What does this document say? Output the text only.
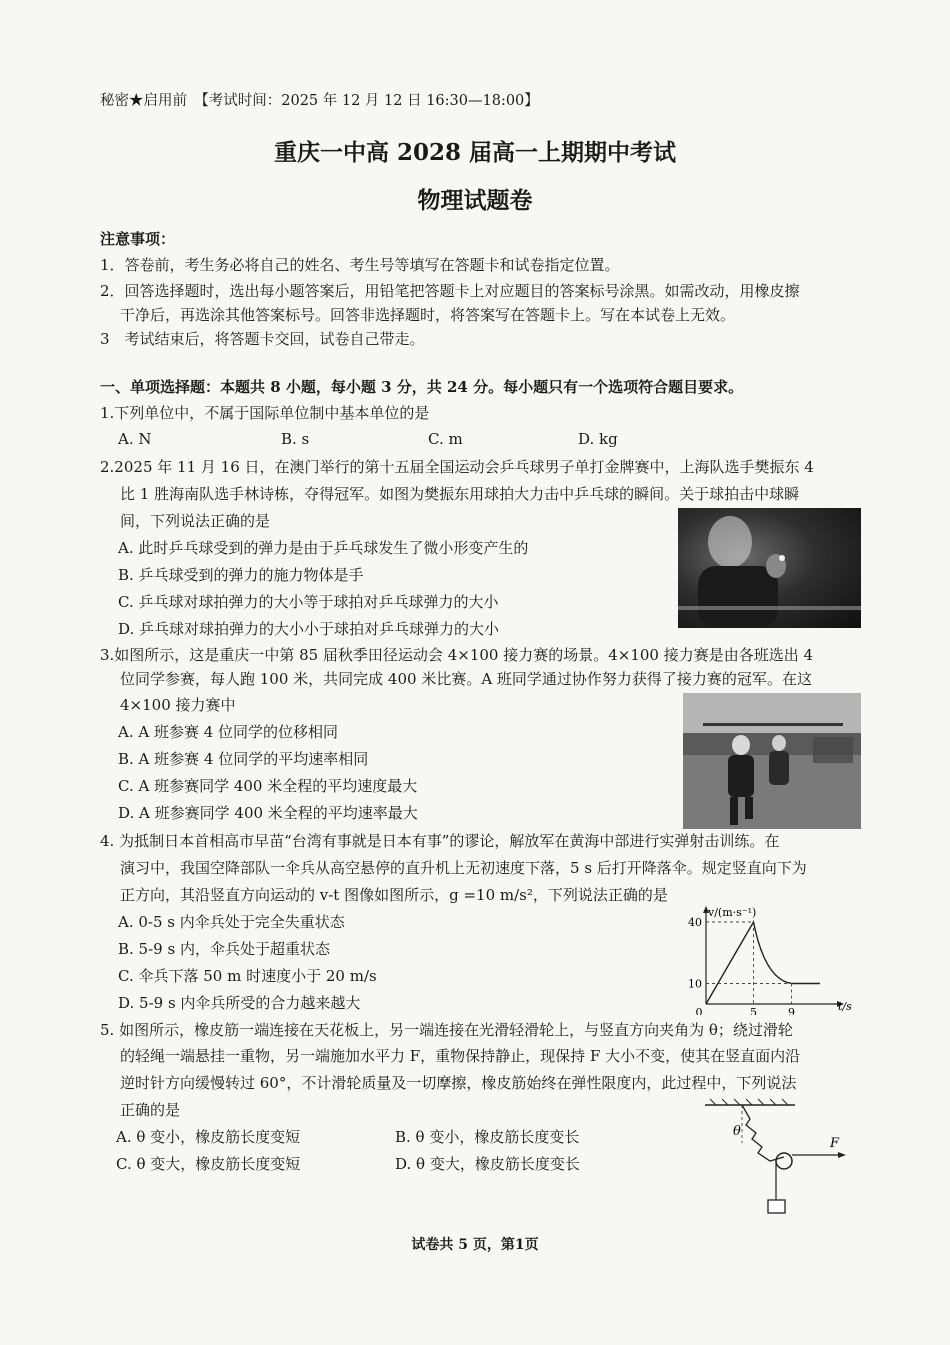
秘密★启用前　【考试时间：2025 年 12 月 12 日 16:30—18:00】
重庆一中高 2028 届高一上期期中考试
物理试题卷
注意事项：
1．答卷前，考生务必将自己的姓名、考生号等填写在答题卡和试卷指定位置。
2．回答选择题时，选出每小题答案后，用铅笔把答题卡上对应题目的答案标号涂黑。如需改动，用橡皮擦
干净后，再选涂其他答案标号。回答非选择题时，将答案写在答题卡上。写在本试卷上无效。
3　考试结束后，将答题卡交回，试卷自己带走。
一、单项选择题：本题共 8 小题，每小题 3 分，共 24 分。每小题只有一个选项符合题目要求。
1.下列单位中，不属于国际单位制中基本单位的是
A. N	B. s	C. m	D. kg
2.2025 年 11 月 16 日，在澳门举行的第十五届全国运动会乒乓球男子单打金牌赛中，上海队选手樊振东 4
比 1 胜海南队选手林诗栋，夺得冠军。如图为樊振东用球拍大力击中乒乓球的瞬间。关于球拍击中球瞬
间，下列说法正确的是
A. 此时乒乓球受到的弹力是由于乒乓球发生了微小形变产生的
B. 乒乓球受到的弹力的施力物体是手
C. 乒乓球对球拍弹力的大小等于球拍对乒乓球弹力的大小
D. 乒乓球对球拍弹力的大小小于球拍对乒乓球弹力的大小
3.如图所示，这是重庆一中第 85 届秋季田径运动会 4×100 接力赛的场景。4×100 接力赛是由各班选出 4
位同学参赛，每人跑 100 米，共同完成 400 米比赛。A 班同学通过协作努力获得了接力赛的冠军。在这
4×100 接力赛中
A. A 班参赛 4 位同学的位移相同
B. A 班参赛 4 位同学的平均速率相同
C. A 班参赛同学 400 米全程的平均速度最大
D. A 班参赛同学 400 米全程的平均速率最大
4. 为抵制日本首相高市早苗“台湾有事就是日本有事”的谬论，解放军在黄海中部进行实弹射击训练。在
演习中，我国空降部队一伞兵从高空悬停的直升机上无初速度下落，5 s 后打开降落伞。规定竖直向下为
正方向，其沿竖直方向运动的 v-t 图像如图所示，g =10 m/s²，下列说法正确的是
A. 0-5 s 内伞兵处于完全失重状态
B. 5-9 s 内，伞兵处于超重状态
C. 伞兵下落 50 m 时速度小于 20 m/s
D. 5-9 s 内伞兵所受的合力越来越大
v/(m·s⁻¹)
t/s
0	5	9
10
40
5. 如图所示，橡皮筋一端连接在天花板上，另一端连接在光滑轻滑轮上，与竖直方向夹角为 θ；绕过滑轮
的轻绳一端悬挂一重物，另一端施加水平力 F，重物保持静止，现保持 F 大小不变，使其在竖直面内沿
逆时针方向缓慢转过 60°，不计滑轮质量及一切摩擦，橡皮筋始终在弹性限度内，此过程中，下列说法
正确的是
A. θ 变小，橡皮筋长度变短	B. θ 变小，橡皮筋长度变长
C. θ 变大，橡皮筋长度变短	D. θ 变大，橡皮筋长度变长
θ
F
试卷共 5 页，第1页
